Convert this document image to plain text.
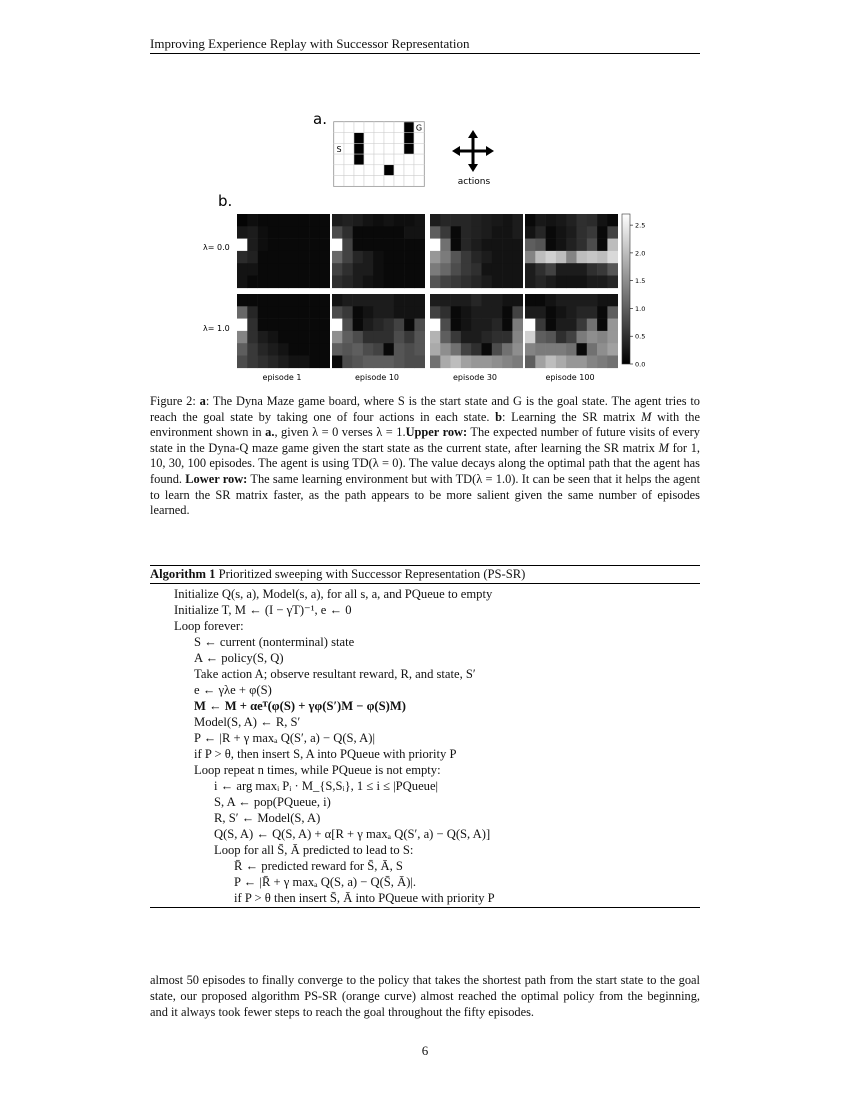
Improving Experience Replay with Successor Representation
a.
S
G
actions
b.
λ= 0.0
λ= 1.0
episode 1	episode 10	episode 30	episode 100
2.5
2.0
1.5
1.0
0.5
0.0
Figure 2: a: The Dyna Maze game board, where S is the start state and G is the goal state. The agent tries to reach the goal state by taking one of four actions in each state. b: Learning the SR matrix M with the environment shown in a., given λ = 0 verses λ = 1.Upper row: The expected number of future visits of every state in the Dyna-Q maze game given the start state as the current state, after learning the SR matrix M for 1, 10, 30, 100 episodes. The agent is using TD(λ = 0). The value decays along the optimal path that the agent has found. Lower row: The same learning environment but with TD(λ = 1.0). It can be seen that it helps the agent to learn the SR matrix faster, as the path appears to be more salient given the same number of episodes learned.
Algorithm 1 Prioritized sweeping with Successor Representation (PS-SR)
Initialize Q(s, a), Model(s, a), for all s, a, and PQueue to empty
Initialize T, M ← (I − γT)⁻¹, e ← 0
Loop forever:
S ← current (nonterminal) state
A ← policy(S, Q)
Take action A; observe resultant reward, R, and state, S′
e ← γλe + φ(S)
M ← M + αeᵀ(φ(S) + γφ(S′)M − φ(S)M)
Model(S, A) ← R, S′
P ← |R + γ maxₐ Q(S′, a) − Q(S, A)|
if P > θ, then insert S, A into PQueue with priority P
Loop repeat n times, while PQueue is not empty:
i ← arg maxᵢ Pᵢ · M_{S,Sᵢ}, 1 ≤ i ≤ |PQueue|
S, A ← pop(PQueue, i)
R, S′ ← Model(S, A)
Q(S, A) ← Q(S, A) + α[R + γ maxₐ Q(S′, a) − Q(S, A)]
Loop for all S̄, Ā predicted to lead to S:
R̄ ← predicted reward for S̄, Ā, S
P ← |R̄ + γ maxₐ Q(S, a) − Q(S̄, Ā)|.
if P > θ then insert S̄, Ā into PQueue with priority P
almost 50 episodes to finally converge to the policy that takes the shortest path from the start state to the goal state, our proposed algorithm PS-SR (orange curve) almost reached the optimal policy from the beginning, and it always took fewer steps to reach the goal throughout the fifty episodes.
6
